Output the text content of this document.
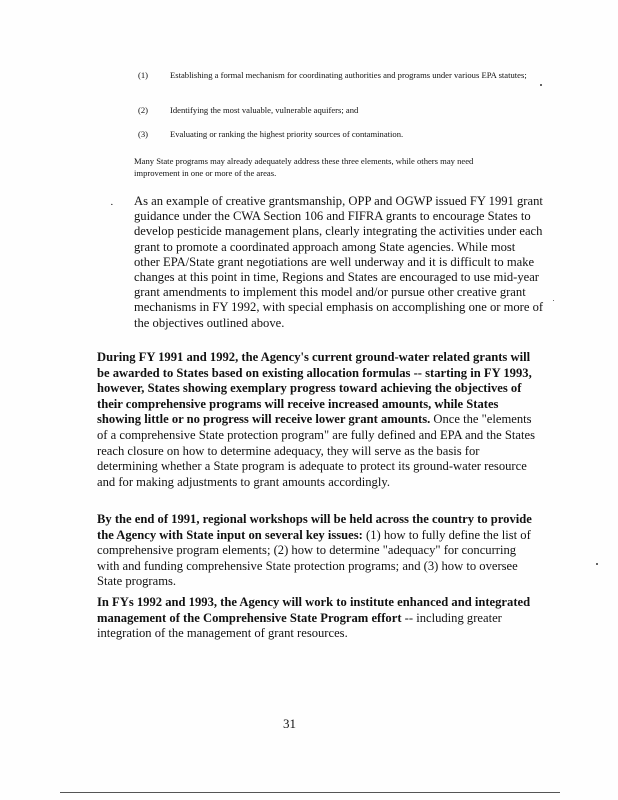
(1)	Establishing a formal mechanism for coordinating authorities and programs under various EPA statutes;
(2)	Identifying the most valuable, vulnerable aquifers; and
(3)	Evaluating or ranking the highest priority sources of contamination.
Many State programs may already adequately address these three elements, while others may need improvement in one or more of the areas.
· As an example of creative grantsmanship, OPP and OGWP issued FY 1991 grant guidance under the CWA Section 106 and FIFRA grants to encourage States to develop pesticide management plans, clearly integrating the activities under each grant to promote a coordinated approach among State agencies. While most other EPA/State grant negotiations are well underway and it is difficult to make changes at this point in time, Regions and States are encouraged to use mid-year grant amendments to implement this model and/or pursue other creative grant mechanisms in FY 1992, with special emphasis on accomplishing one or more of the objectives outlined above.
During FY 1991 and 1992, the Agency's current ground-water related grants will be awarded to States based on existing allocation formulas -- starting in FY 1993, however, States showing exemplary progress toward achieving the objectives of their comprehensive programs will receive increased amounts, while States showing little or no progress will receive lower grant amounts. Once the "elements of a comprehensive State protection program" are fully defined and EPA and the States reach closure on how to determine adequacy, they will serve as the basis for determining whether a State program is adequate to protect its ground-water resource and for making adjustments to grant amounts accordingly.
By the end of 1991, regional workshops will be held across the country to provide the Agency with State input on several key issues: (1) how to fully define the list of comprehensive program elements; (2) how to determine "adequacy" for concurring with and funding comprehensive State protection programs; and (3) how to oversee State programs.
In FYs 1992 and 1993, the Agency will work to institute enhanced and integrated management of the Comprehensive State Program effort -- including greater integration of the management of grant resources.
31
